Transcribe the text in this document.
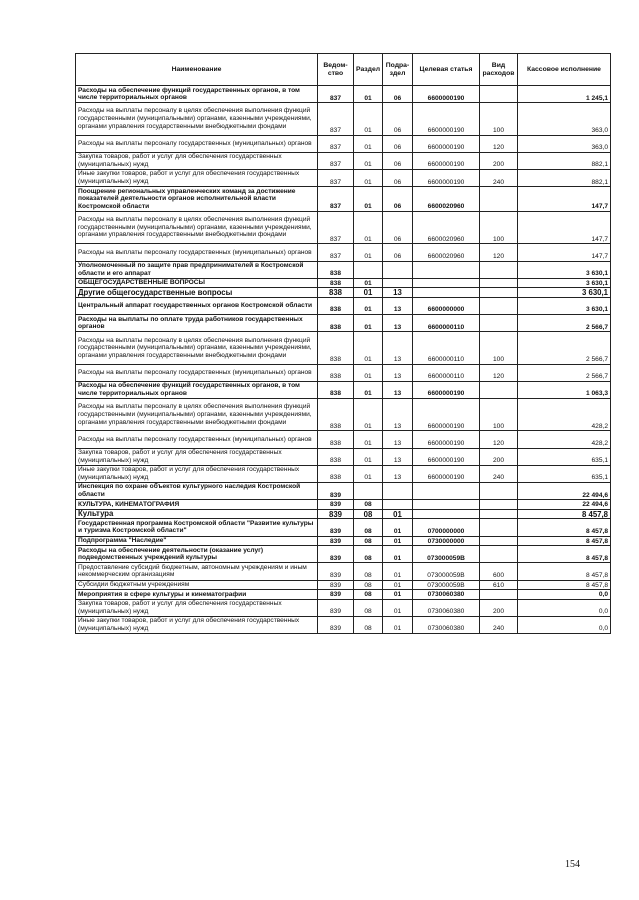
Наименование	Ведом-ство	Раздел	Подра-здел	Целевая статья	Вид расходов	Кассовое исполнение
Расходы на обеспечение функций государственных органов, в том числе территориальных органов	837	01	06	6600000190		1 245,1
Расходы на выплаты персоналу в целях обеспечения выполнения функций государственными (муниципальными) органами, казенными учреждениями, органами управления государственными внебюджетными фондами	837	01	06	6600000190	100	363,0
Расходы на выплаты персоналу государственных (муниципальных) органов	837	01	06	6600000190	120	363,0
Закупка товаров, работ и услуг для обеспечения государственных (муниципальных) нужд	837	01	06	6600000190	200	882,1
Иные закупки товаров, работ и услуг для обеспечения государственных (муниципальных) нужд	837	01	06	6600000190	240	882,1
Поощрение региональных управленческих команд за достижение показателей деятельности органов исполнительной власти Костромской области	837	01	06	6600020960		147,7
Расходы на выплаты персоналу в целях обеспечения выполнения функций государственными (муниципальными) органами, казенными учреждениями, органами управления государственными внебюджетными фондами	837	01	06	6600020960	100	147,7
Расходы на выплаты персоналу государственных (муниципальных) органов	837	01	06	6600020960	120	147,7
Уполномоченный по защите прав предпринимателей в Костромской области и его аппарат	838					3 630,1
ОБЩЕГОСУДАРСТВЕННЫЕ ВОПРОСЫ	838	01				3 630,1
Другие общегосударственные вопросы	838	01	13			3 630,1
Центральный аппарат государственных органов Костромской области	838	01	13	6600000000		3 630,1
Расходы на выплаты по оплате труда работников государственных органов	838	01	13	6600000110		2 566,7
Расходы на выплаты персоналу в целях обеспечения выполнения функций государственными (муниципальными) органами, казенными учреждениями, органами управления государственными внебюджетными фондами	838	01	13	6600000110	100	2 566,7
Расходы на выплаты персоналу государственных (муниципальных) органов	838	01	13	6600000110	120	2 566,7
Расходы на обеспечение функций государственных органов, в том числе территориальных органов	838	01	13	6600000190		1 063,3
Расходы на выплаты персоналу в целях обеспечения выполнения функций государственными (муниципальными) органами, казенными учреждениями, органами управления государственными внебюджетными фондами	838	01	13	6600000190	100	428,2
Расходы на выплаты персоналу государственных (муниципальных) органов	838	01	13	6600000190	120	428,2
Закупка товаров, работ и услуг для обеспечения государственных (муниципальных) нужд	838	01	13	6600000190	200	635,1
Иные закупки товаров, работ и услуг для обеспечения государственных (муниципальных) нужд	838	01	13	6600000190	240	635,1
Инспекция по охране объектов культурного наследия Костромской области	839					22 494,6
КУЛЬТУРА, КИНЕМАТОГРАФИЯ	839	08				22 494,6
Культура	839	08	01			8 457,8
Государственная программа Костромской области "Развитие культуры и туризма Костромской области"	839	08	01	0700000000		8 457,8
Подпрограмма "Наследие"	839	08	01	0730000000		8 457,8
Расходы на обеспечение деятельности (оказание услуг) подведомственных учреждений культуры	839	08	01	073000059B		8 457,8
Предоставление субсидий бюджетным, автономным учреждениям и иным некоммерческим организациям	839	08	01	073000059B	600	8 457,8
Субсидии бюджетным учреждениям	839	08	01	073000059B	610	8 457,8
Мероприятия в сфере культуры и кинематографии	839	08	01	0730060380		0,0
Закупка товаров, работ и услуг для обеспечения государственных (муниципальных) нужд	839	08	01	0730060380	200	0,0
Иные закупки товаров, работ и услуг для обеспечения государственных (муниципальных) нужд	839	08	01	0730060380	240	0,0
154
